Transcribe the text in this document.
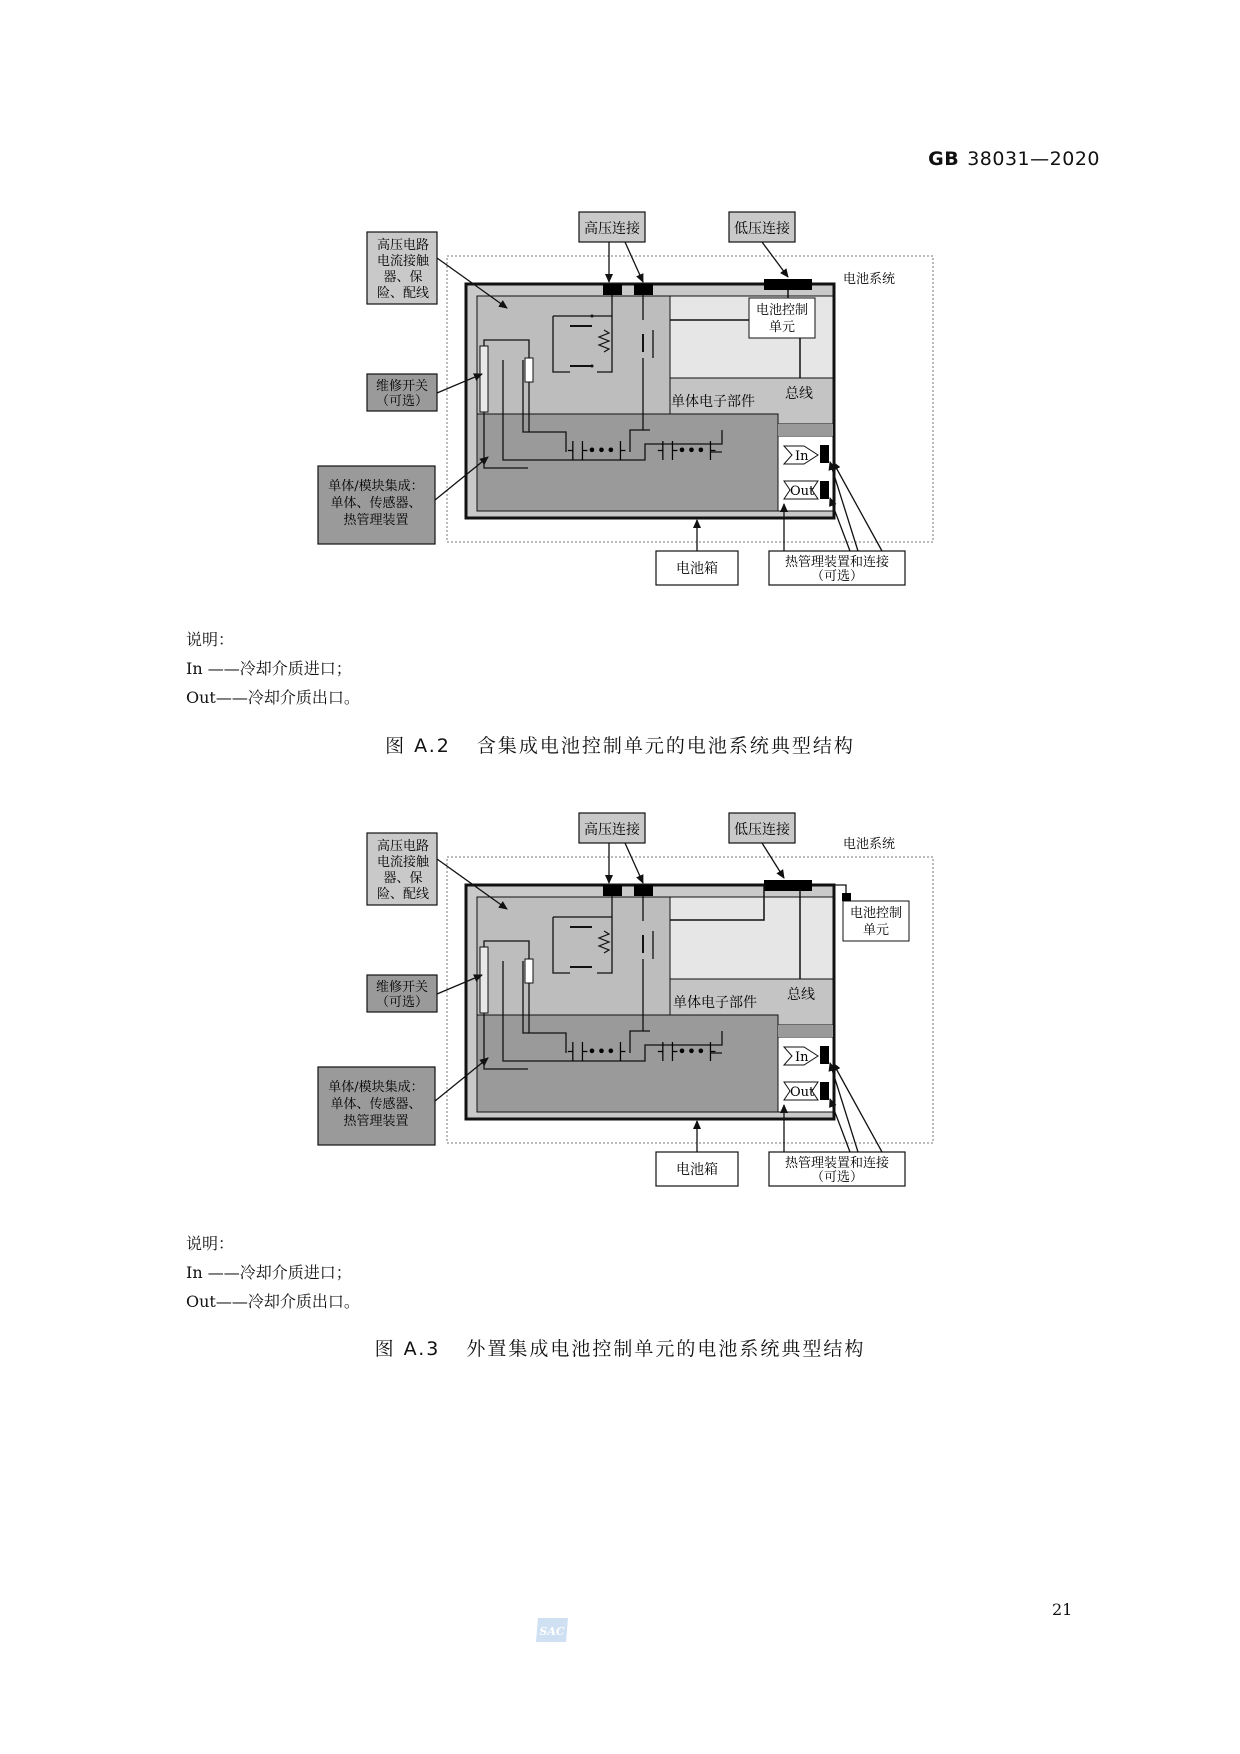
GB 38031—2020
电池控制
单元
单体电子部件 总线
┤├•••├ ┤├•••├	In
Out
高压连接	低压连接
电池系统
高压电路
电流接触
器、保
险、配线
维修开关
（可选）
单体/模块集成：
单体、传感器、
热管理装置
电池箱	热管理装置和连接
（可选）
说明：
In ——冷却介质进口；
Out——冷却介质出口。
图 A.2 含集成电池控制单元的电池系统典型结构
电池控制
单元
单体电子部件 总线
┤├•••├ ┤├•••├	In
Out
高压连接	低压连接
电池系统
高压电路
电流接触
器、保
险、配线
维修开关
（可选）
单体/模块集成：
单体、传感器、
热管理装置
电池箱	热管理装置和连接
（可选）
说明：
In ——冷却介质进口；
Out——冷却介质出口。
图 A.3 外置集成电池控制单元的电池系统典型结构
21
SAC
